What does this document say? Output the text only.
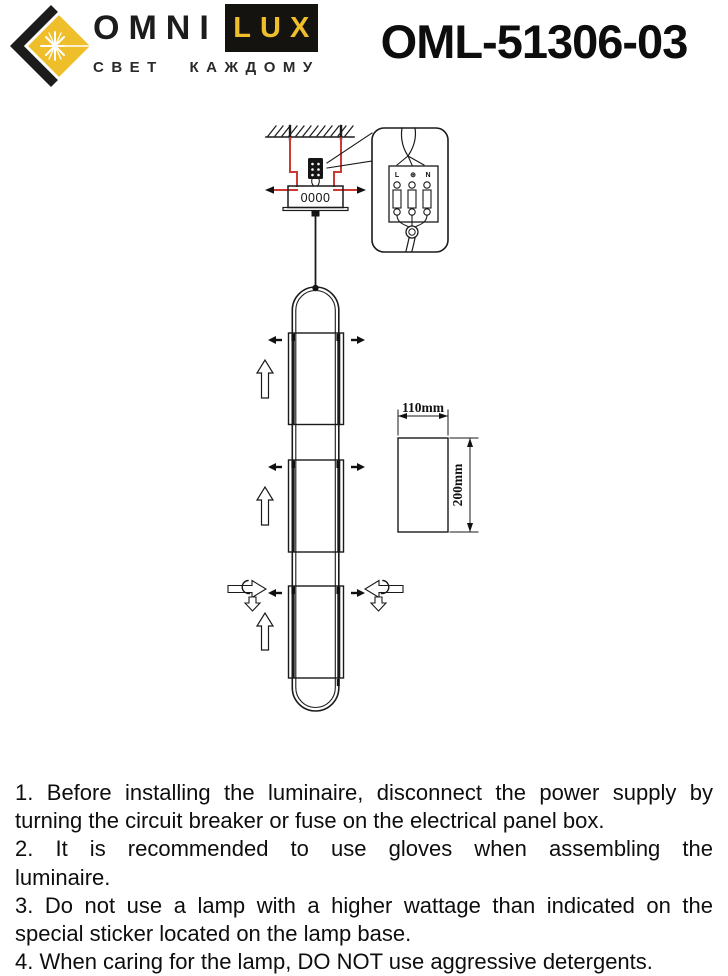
OMNI LUX
СВЕТ КАЖДОМУ	OML-51306-03
0000
L ⊕ N
110mm
200mm
1. Before installing the luminaire, disconnect the power supply by
turning the circuit breaker or fuse on the electrical panel box.
2. It is recommended to use gloves when assembling the
luminaire.
3. Do not use a lamp with a higher wattage than indicated on the
special sticker located on the lamp base.
4. When caring for the lamp, DO NOT use aggressive detergents.
